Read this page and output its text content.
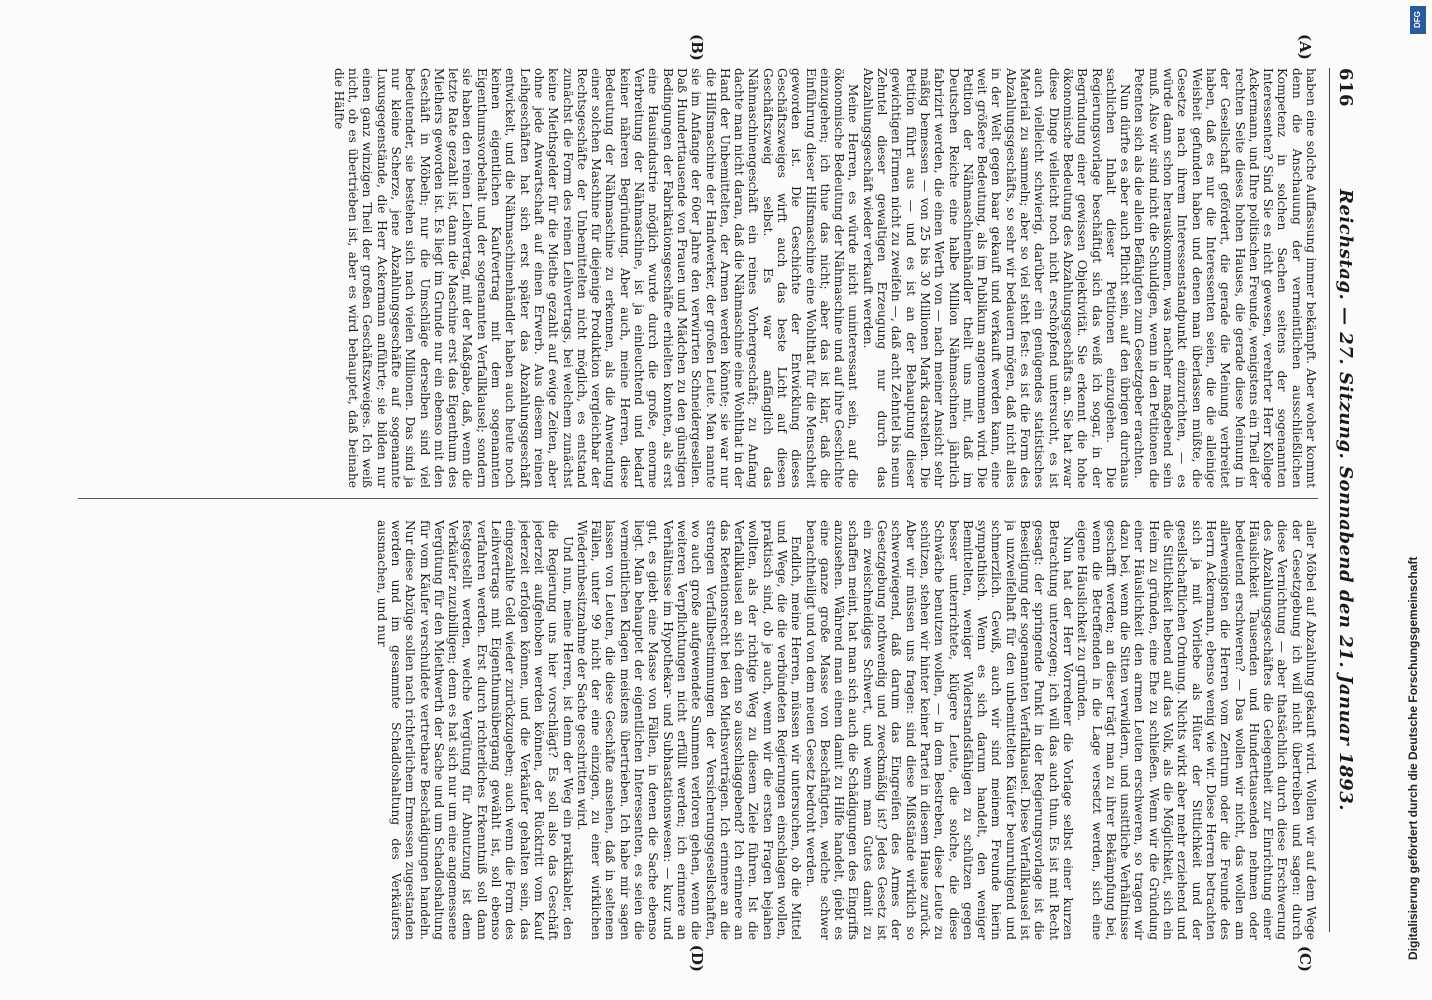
616
Reichstag. — 27. Sitzung. Sonnabend den 21. Januar 1893.
(A)
(B)
(C)
(D)

haben eine solche Auffassung immer bekämpft. Aber woher kommt denn die Anschauung der vermeintlichen ausschließlichen Kompetenz in solchen Sachen seitens der sogenannten Interessenten? Sind Sie es nicht gewesen, verehrter Herr Kollege Ackermann, und Ihre politischen Freunde, wenigstens ein Theil der rechten Seite dieses hohen Hauses, die gerade diese Meinung in der Gesellschaft gefördert, die gerade die Meinung verbreitet haben, daß es nur die Interessenten seien, die die alleinige Weisheit gefunden haben und denen man überlassen müßte, die Gesetze nach ihrem Interessenstandpunkt einzurichten, — es würde dann schon herauskommen, was nachher maßgebend sein muß. Also wir sind nicht die Schuldigen, wenn in den Petitionen die Petenten sich als die allein Befähigten zum Gesetzgeber erachten.

Nun dürfte es aber auch Pflicht sein, auf den übrigen durchaus sachlichen Inhalt dieser Petitionen einzugehen. Die Regierungsvorlage beschäftigt sich das weiß ich sogar, in der Begründung einer gewissen Objektivität. Sie erkennt die hohe ökonomische Bedeutung des Abzahlungsgeschäfts an. Sie hat zwar diese Dinge vielleicht noch nicht erschöpfend untersucht, es ist auch vielleicht schwierig, darüber ein genügendes statistisches Material zu sammeln; aber so viel steht fest: es ist die Form des Abzahlungsgeschäfts, so sehr wir bedauern mögen, daß nicht alles in der Welt gegen baar gekauft und verkauft werden kann, eine weit größere Bedeutung, als im Publikum angenommen wird. Die Petition der Nähmaschinenhändler theilt uns mit, daß im Deutschen Reiche eine halbe Million Nähmaschinen jährlich fabrizirt werden, die einen Werth von — nach meiner Ansicht sehr mäßig bemessen — von 25 bis 30 Millionen Mark darstellen. Die Petition führt aus — und es ist an der Behauptung dieser gewichtigen Firmen nicht zu zweifeln —, daß acht Zehntel bis neun Zehntel dieser gewaltigen Erzeugung nur durch das Abzahlungsgeschäft wieder verkauft werden.

Meine Herren, es würde nicht uninteressant sein, auf die ökonomische Bedeutung der Nähmaschine und auf ihre Geschichte einzugehen; ich thue das nicht; aber das ist klar, daß die Einführung dieser Hilfsmaschine eine Wohlthat für die Menschheit geworden ist. Die Geschichte der Entwicklung dieses Geschäftszweiges wirft auch das beste Licht auf diesen Geschäftszweig selbst. Es war anfänglich das Nähmaschinengeschäft ein reines Vorhergeschäft; zu Anfang dachte man nicht daran, daß die Nähmaschine eine Wohlthat in der Hand der Unbemittelten, der Armen werden könnte; sie war nur die Hilfsmaschine der Handwerker, der großen Leute. Man nannte sie im Anfange der 60er Jahre den verwirrten Schneidergesellen. Daß Hunderttausende von Frauen und Mädchen zu den günstigen Bedingungen der Fabrikationsgeschäfte erhielten konnten, als erst eine Hausindustrie möglich wurde durch die große, enorme Verbreitung der Nähmaschine, ist ja einleuchtend und bedarf keiner näheren Begründung. Aber auch, meine Herren, diese Bedeutung der Nähmaschine zu erkennen, als die Anwendung einer solchen Maschine für diejenige Produktion vergleichbar der Rechtsgeschäfte der Unbemittelten nicht möglich, es entstand zunächst die Form des reinen Leihvertrags, bei welchem zunächst keine Miethsgelder für die Miethe gezahlt auf ewige Zeiten, aber ohne jede Anwartschaft auf einen Erwerb. Aus diesem reinen Leihgeschäften hat sich erst später das Abzahlungsgeschäft entwickelt, und die Nähmaschinenhändler haben auch heute noch keinen eigentlichen Kaufvertrag mit dem sogenannten Eigenthumsvorbehalt und der sogenannten Verfallklausel; sondern sie haben den reinen Leihvertrag, mit der Maßgabe, daß, wenn die letzte Rate gezahlt ist, dann die Maschine erst das Eigenthum des Miethers geworden ist. Es liegt im Grunde nur ein ebenso mit den Geschäft in Möbeln; nur die Umschläge derselben sind viel bedeutender, sie bestehen sich nach vielen Millionen. Das sind ja nur kleine Scherze, jene Abzahlungsgeschäfte auf sogenannte Luxusgegenstände, die Herr Ackermann anführte; sie bilden nur einen ganz winzigen Theil der großen Geschäftszweiges. Ich weiß nicht, ob es übertrieben ist, aber es wird behauptet, daß beinahe die Hälfte

aller Möbel auf Abzahlung gekauft wird. Wollen wir auf dem Wege der Gesetzgebung ich will nicht übertreiben und sagen: durch diese Vernichtung — aber thatsächlich durch diese Erschwerung des Abzahlungsgeschäftes die Gelegenheit zur Einrichtung einer Häuslichkeit Tausenden und Hunderttausenden nehmen oder bedeutend erschweren? — Das wollen wir nicht, das wollen am allerwenigsten die Herren vom Zentrum oder die Freunde des Herrn Ackermann, ebenso wenig wie wir. Diese Herren betrachten sich ja mit Vorliebe als Hüter der Sittlichkeit und der gesellschaftlichen Ordnung. Nichts wirkt aber mehr erziehend und die Sittlichkeit hebend auf das Volk, als die Möglichkeit, sich ein Heim zu gründen, eine Ehe zu schließen. Wenn wir die Gründung einer Häuslichkeit den armen Leuten erschweren, so tragen wir dazu bei, wenn die Sitten verwildern, und unsittliche Verhältnisse geschafft werden; an dieser trägt man zu ihrer Bekämpfung bei, wenn die Betreffenden in die Lage versetzt werden, sich eine eigene Häuslichkeit zu gründen.

Nun hat der Herr Vorredner die Vorlage selbst einer kurzen Betrachtung unterzogen; ich will das auch thun. Es ist mit Recht gesagt: der springende Punkt in der Regierungsvorlage ist die Beseitigung der sogenannten Verfallklausel. Diese Verfallklausel ist ja unzweifelhaft für den unbemittelten Käufer beunruhigend und schmerzlich. Gewiß, auch wir sind meinem Freunde hierin sympathisch. Wenn es sich darum handelt, den weniger Bemittelten, weniger Widerstandsfähigen zu schützen gegen besser unterrichtete, klügere Leute, die solche, die diese Schwäche benutzen wollen, — in dem Bestreben, diese Leute zu schützen, stehen wir hinter keiner Partei in diesem Hause zurück. Aber wir müssen uns fragen: sind diese Mißstände wirklich so schwerwiegend, daß darum das Eingreifen des Armes der Gesetzgebung nothwendig und zweckmäßig ist? Jedes Gesetz ist ein zweischneidiges Schwert, und wenn man Gutes damit zu schaffen meint, hat man sich auch die Schädigungen des Eingriffs anzusehen. Während man einem damit zu Hilfe handelt, giebt es eine ganze große Masse von Beschäftigten, welche schwer benachtheiligt und von dem neuen Gesetz bedroht werden.

Endlich, meine Herren, müssen wir untersuchen, ob die Mittel und Wege, die die verbündeten Regierungen einschlagen wollen, praktisch sind, ob je auch, wenn wir die ersten Fragen bejahen wollten, als der richtige Weg zu diesem Ziele führen. Ist die Verfallklausel an sich denn so ausschlaggebend? Ich erinnere an das Retentionsrecht bei den Miethsverträgen. Ich erinnere an die strengen Verfallbestimmungen der Versicherungsgesellschaften, wo auch große aufgewendete Summen verloren gehen, wenn die weiteren Verpflichtungen nicht erfüllt werden; ich erinnere an Verhältnisse im Hypothekar- und Subhastationswesen: — kurz und gut, es giebt eine Masse von Fällen, in denen die Sache ebenso liegt. Man behauptet der eigentlichen Interessenten, es seien die vermeintlichen Klagen meistens übertrieben. Ich habe mir sagen lassen von Leuten, die diese Geschäfte ansehen, daß in seltenen Fällen, unter 99 nicht der eine einzigen, zu einer wirklichen Wiederinbesitznahme der Sache geschritten wird.

Und nun, meine Herren, ist denn der Weg ein praktikabler, den die Regierung uns hier vorschlägt? Es soll also das Geschäft jederzeit aufgehoben werden können, der Rücktritt vom Kauf jederzeit erfolgen können, und die Verkäufer gehalten sein, das eingezahlte Geld wieder zurückzugeben; auch wenn die Form des Leihvertrags mit Eigenthumsübergang gewählt ist, soll ebenso verfahren werden. Erst durch richterliches Erkenntniß soll dann festgestellt werden, welche Vergütung für Abnutzung ist dem Verkäufer zuzubilligen; denn es hat sich nur um eine angemessene Vergütung für den Miethwerth der Sache und um Schadloshaltung für vom Käufer verschuldete vertretbare Beschädigungen handeln. Nur diese Abzüge sollen nach richterlichem Ermessen zugestanden werden und im gesammte Schadloshaltung des Verkäufers ausmachen, und nur

DFG
Digitalisierung gefördert durch die Deutsche Forschungsgemeinschaft
